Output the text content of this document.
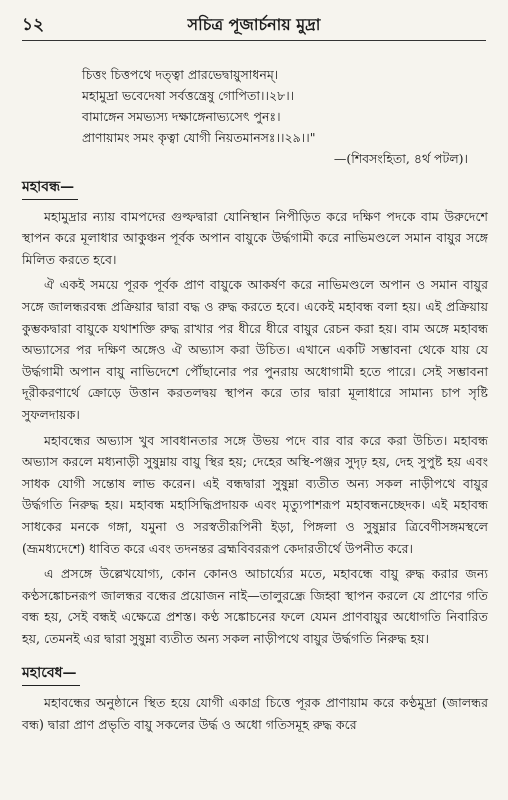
১২	সচিত্র পূজার্চনায় মুদ্রা
চিত্তং চিত্তপথে দত্ত্বা প্রারভেদ্বায়ুসাধনম্।
মহামুদ্রা ভবেদেষা সর্বত্তন্ত্রেষু গোপিতা।।২৮।।
বামাঙ্গেন সমভ্যস্য দক্ষাঙ্গেনাভ্যসেৎ পুনঃ।
প্রাণায়ামং সমং কৃত্বা যোগী নিয়তমানসঃ।।২৯।।"
—(শিবসংহিতা, ৪র্থ পটল)।
মহাবন্ধ—

মহামুদ্রার ন্যায় বামপদের গুল্ফদ্বারা যোনিস্থান নিপীড়িত করে দক্ষিণ পদকে বাম উরুদেশে স্থাপন করে মূলাধার আকুঞ্চন পূর্বক অপান বায়ুকে উর্দ্ধগামী করে নাভিমণ্ডলে সমান বায়ুর সঙ্গে মিলিত করতে হবে।

ঐ একই সময়ে পূরক পূর্বক প্রাণ বায়ুকে আকর্ষণ করে নাভিমণ্ডলে অপান ও সমান বায়ুর সঙ্গে জালন্ধরবন্ধ প্রক্রিয়ার দ্বারা বদ্ধ ও রুদ্ধ করতে হবে। একেই মহাবন্ধ বলা হয়। এই প্রক্রিয়ায় কুম্ভকদ্বারা বায়ুকে যথাশক্তি রুদ্ধ রাখার পর ধীরে ধীরে বায়ুর রেচন করা হয়। বাম অঙ্গে মহাবন্ধ অভ্যাসের পর দক্ষিণ অঙ্গেও ঐ অভ্যাস করা উচিত। এখানে একটি সম্ভাবনা থেকে যায় যে উর্দ্ধগামী অপান বায়ু নাভিদেশে পৌঁছানোর পর পুনরায় অধোগামী হতে পারে। সেই সম্ভাবনা দূরীকরণার্থে ক্রোড়ে উত্তান করতলদ্বয় স্থাপন করে তার দ্বারা মূলাধারে সামান্য চাপ সৃষ্টি সুফলদায়ক।

মহাবন্ধের অভ্যাস খুব সাবধানতার সঙ্গে উভয় পদে বার বার করে করা উচিত। মহাবন্ধ অভ্যাস করলে মধ্যনাড়ী সুষুম্নায় বায়ু স্থির হয়; দেহের অস্থি-পঞ্জর সুদৃঢ় হয়, দেহ সুপুষ্ট হয় এবং সাধক যোগী সন্তোষ লাভ করেন। এই বন্ধদ্বারা সুষুম্না ব্যতীত অন্য সকল নাড়ীপথে বায়ুর উর্দ্ধগতি নিরুদ্ধ হয়। মহাবন্ধ মহাসিদ্ধিপ্রদায়ক এবং মৃত্যুপাশরূপ মহাবন্ধনচ্ছেদক। এই মহাবন্ধ সাধকের মনকে গঙ্গা, যমুনা ও সরস্বতীরূপিনী ইড়া, পিঙ্গলা ও সুষুম্নার ত্রিবেণীসঙ্গমস্থলে (ভ্রূমধ্যদেশে) ধাবিত করে এবং তদনন্তর ব্রহ্মবিবররূপ কেদারতীর্থে উপনীত করে।

এ প্রসঙ্গে উল্লেখযোগ্য, কোন কোনও আচার্য্যের মতে, মহাবন্ধে বায়ু রুদ্ধ করার জন্য কণ্ঠসঙ্কোচনরূপ জালন্ধর বন্ধের প্রয়োজন নাই—তালুরন্ধ্রে জিহ্বা স্থাপন করলে যে প্রাণের গতি বন্ধ হয়, সেই বন্ধই এক্ষেত্রে প্রশস্ত। কণ্ঠ সঙ্কোচনের ফলে যেমন প্রাণবায়ুর অধোগতি নিবারিত হয়, তেমনই এর দ্বারা সুষুম্না ব্যতীত অন্য সকল নাড়ীপথে বায়ুর উর্দ্ধগতি নিরুদ্ধ হয়।

মহাবেধ—

মহাবন্ধের অনুষ্ঠানে স্থিত হয়ে যোগী একাগ্র চিত্তে পূরক প্রাণায়াম করে কণ্ঠমুদ্রা (জালন্ধর বন্ধ) দ্বারা প্রাণ প্রভৃতি বায়ু সকলের উর্দ্ধ ও অধো গতিসমূহ রুদ্ধ করে
